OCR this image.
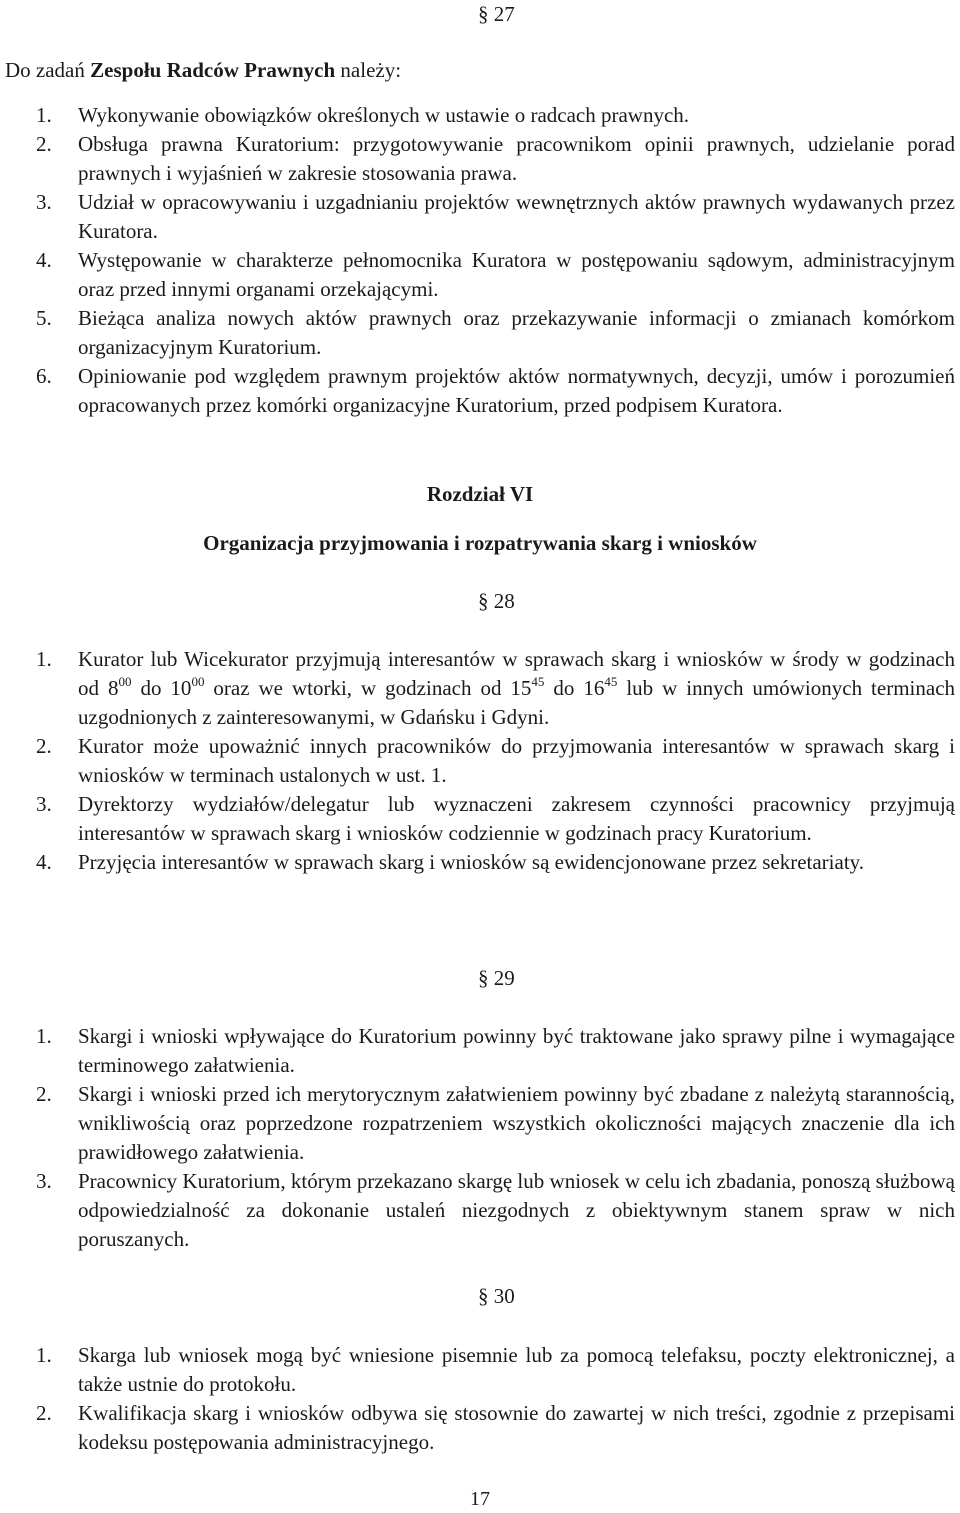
§ 27
Do zadań Zespołu Radców Prawnych należy:
1. Wykonywanie obowiązków określonych w ustawie o radcach prawnych.
2. Obsługa prawna Kuratorium: przygotowywanie pracownikom opinii prawnych, udzielanie porad prawnych i wyjaśnień w zakresie stosowania prawa.
3. Udział w opracowywaniu i uzgadnianiu projektów wewnętrznych aktów prawnych wydawanych przez Kuratora.
4. Występowanie w charakterze pełnomocnika Kuratora w postępowaniu sądowym, administracyjnym oraz przed innymi organami orzekającymi.
5. Bieżąca analiza nowych aktów prawnych oraz przekazywanie informacji o zmianach komórkom organizacyjnym Kuratorium.
6. Opiniowanie pod względem prawnym projektów aktów normatywnych, decyzji, umów i porozumień opracowanych przez komórki organizacyjne Kuratorium, przed podpisem Kuratora.
Rozdział VI
Organizacja przyjmowania i rozpatrywania skarg i wniosków
§ 28
1. Kurator lub Wicekurator przyjmują interesantów w sprawach skarg i wniosków w środy w godzinach od $8^{00}$ do $10^{00}$ oraz we wtorki, w godzinach od $15^{45}$ do $16^{45}$ lub w innych umówionych terminach uzgodnionych z zainteresowanymi, w Gdańsku i Gdyni.
2. Kurator może upoważnić innych pracowników do przyjmowania interesantów w sprawach skarg i wniosków w terminach ustalonych w ust. 1.
3. Dyrektorzy wydziałów/delegatur lub wyznaczeni zakresem czynności pracownicy przyjmują interesantów w sprawach skarg i wniosków codziennie w godzinach pracy Kuratorium.
4. Przyjęcia interesantów w sprawach skarg i wniosków są ewidencjonowane przez sekretariaty.
§ 29
1. Skargi i wnioski wpływające do Kuratorium powinny być traktowane jako sprawy pilne i wymagające terminowego załatwienia.
2. Skargi i wnioski przed ich merytorycznym załatwieniem powinny być zbadane z należytą starannością, wnikliwością oraz poprzedzone rozpatrzeniem wszystkich okoliczności mających znaczenie dla ich prawidłowego załatwienia.
3. Pracownicy Kuratorium, którym przekazano skargę lub wniosek w celu ich zbadania, ponoszą służbową odpowiedzialność za dokonanie ustaleń niezgodnych z obiektywnym stanem spraw w nich poruszanych.
§ 30
1. Skarga lub wniosek mogą być wniesione pisemnie lub za pomocą telefaksu, poczty elektronicznej, a także ustnie do protokołu.
2. Kwalifikacja skarg i wniosków odbywa się stosownie do zawartej w nich treści, zgodnie z przepisami kodeksu postępowania administracyjnego.
17
